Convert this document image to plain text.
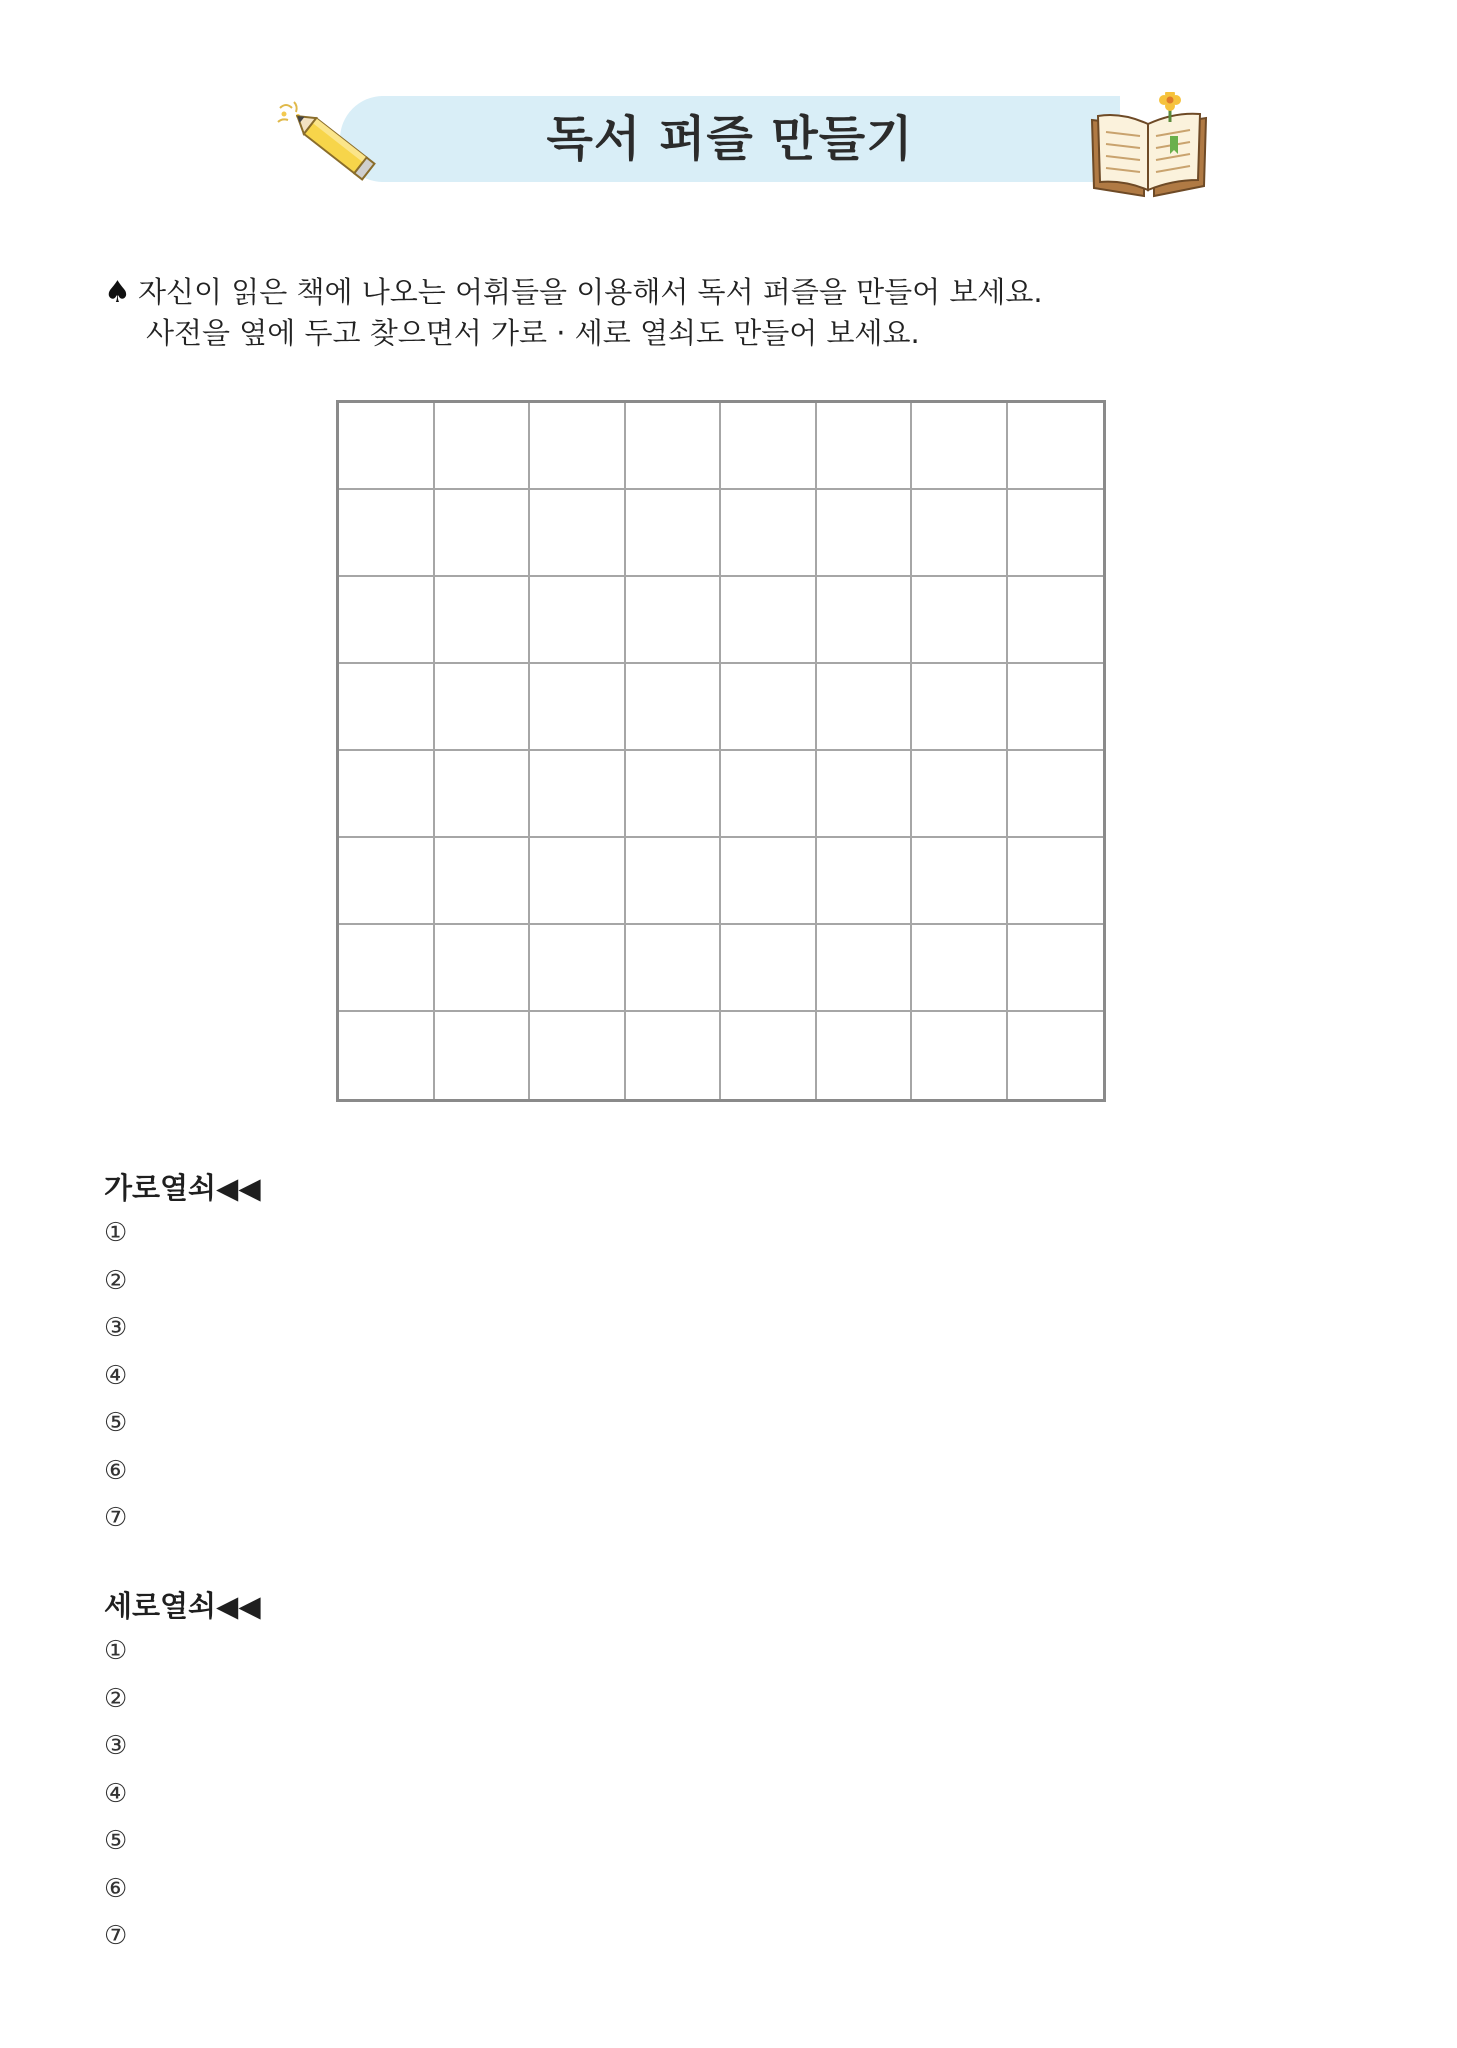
독서 퍼즐 만들기
♠ 자신이 읽은 책에 나오는 어휘들을 이용해서 독서 퍼즐을 만들어 보세요.
사전을 옆에 두고 찾으면서 가로 · 세로 열쇠도 만들어 보세요.
가로열쇠◀◀
①
②
③
④
⑤
⑥
⑦
세로열쇠◀◀
①
②
③
④
⑤
⑥
⑦
